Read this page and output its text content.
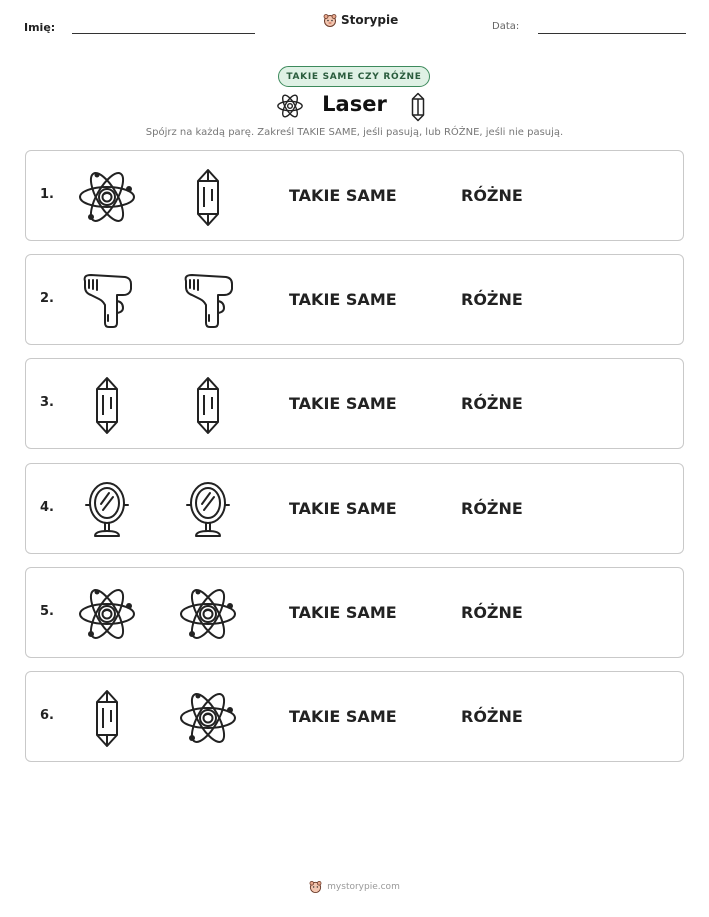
Imię:
Storypie	Data:
TAKIE SAME CZY RÓŻNE
Laser
Spójrz na każdą parę. Zakreśl TAKIE SAME, jeśli pasują, lub RÓŻNE, jeśli nie pasują.
1.	TAKIE SAME	RÓŻNE
2.	TAKIE SAME	RÓŻNE
3.	TAKIE SAME	RÓŻNE
4.	TAKIE SAME	RÓŻNE
5.	TAKIE SAME	RÓŻNE
6.	TAKIE SAME	RÓŻNE
mystorypie.com
